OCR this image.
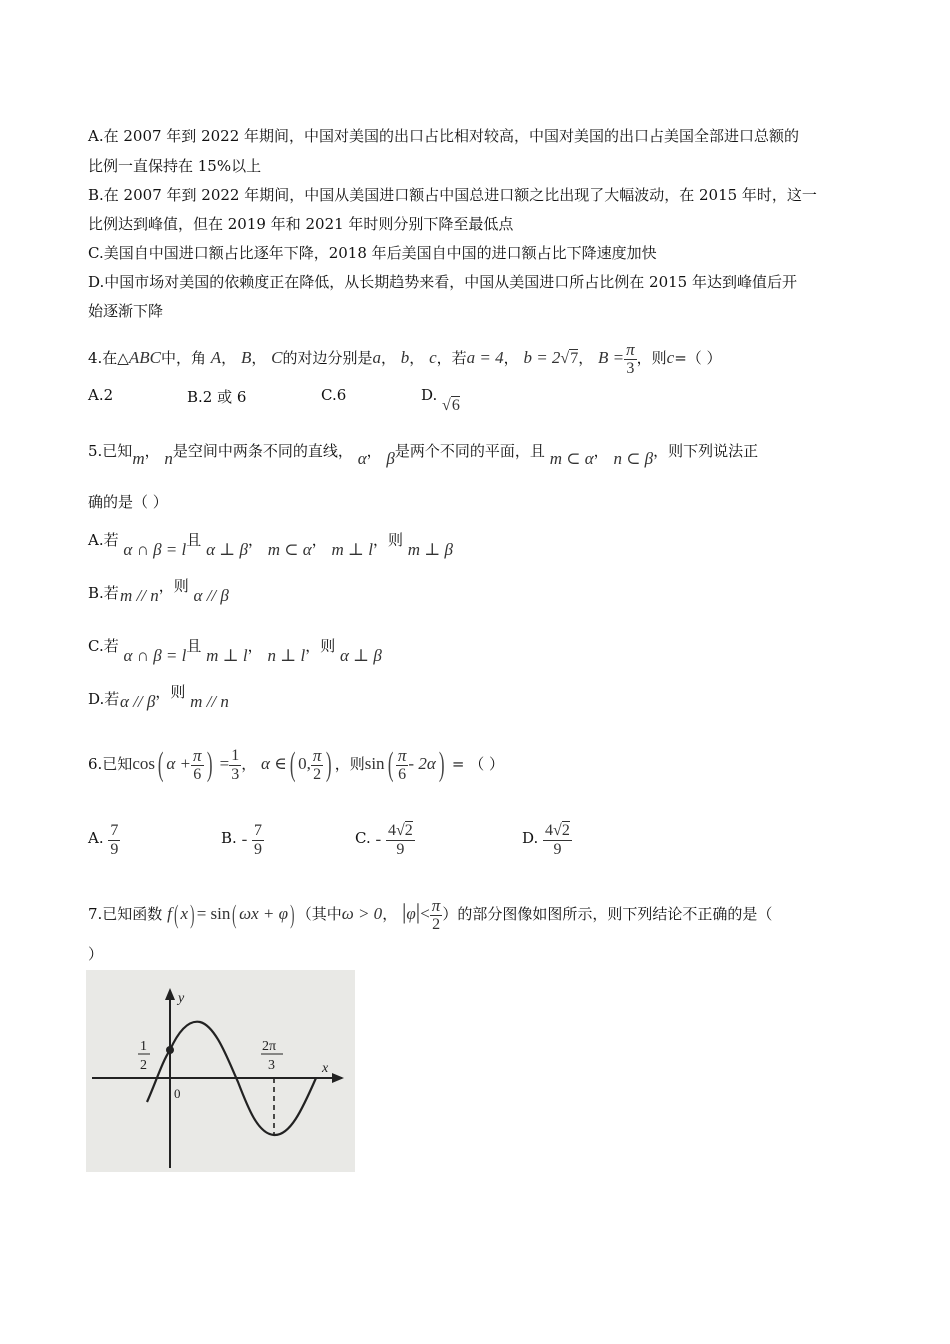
A.在 2007 年到 2022 年期间，中国对美国的出口占比相对较高，中国对美国的出口占美国全部进口总额的
比例一直保持在 15%以上
B.在 2007 年到 2022 年期间，中国从美国进口额占中国总进口额之比出现了大幅波动，在 2015 年时，这一
比例达到峰值，但在 2019 年和 2021 年时则分别下降至最低点
C.美国自中国进口额占比逐年下降，2018 年后美国自中国的进口额占比下降速度加快
D.中国市场对美国的依赖度正在降低，从长期趋势来看，中国从美国进口所占比例在 2015 年达到峰值后开
始逐渐下降
4.在△ABC中，角 A， B， C的对边分别是a， b， c，若a = 4， b = 2√7， $B = \frac{\pi}{3}$ ，则c=（ ）
A.2	B.2 或 6	C.6	D. √6
5.已知m， n是空间中两条不同的直线， α， β是两个不同的平面，且 m ⊂ α， n ⊂ β，则下列说法正
确的是（ ）
A.若 α ∩ β = l且 α ⊥ β， m ⊂ α， m ⊥ l，则 m ⊥ β
B.若 m // n，则 α // β
C.若 α ∩ β = l且 m ⊥ l， n ⊥ l，则 α ⊥ β
D.若 α // β，则 m // n
6.已知cos( $\alpha + \frac{\pi}{6}$ ) = $\frac{1}{3}$ ， α ∈( 0, $\frac{\pi}{2}$ ) ，则$\sin( \frac{\pi}{6} - 2\alpha)$ = （ ）
A. $\frac{7}{9}$	B. - $\frac{7}{9}$	C. - $\frac{4√2}{9}$	D. $\frac{4√2}{9}$
7.已知函数 f( x) = sin( ωx + φ) （其中ω > 0， $|\varphi|< \frac{\pi}{2}$ ）的部分图像如图所示，则下列结论不正确的是（
）
y
x
0
1
2
2π
3
